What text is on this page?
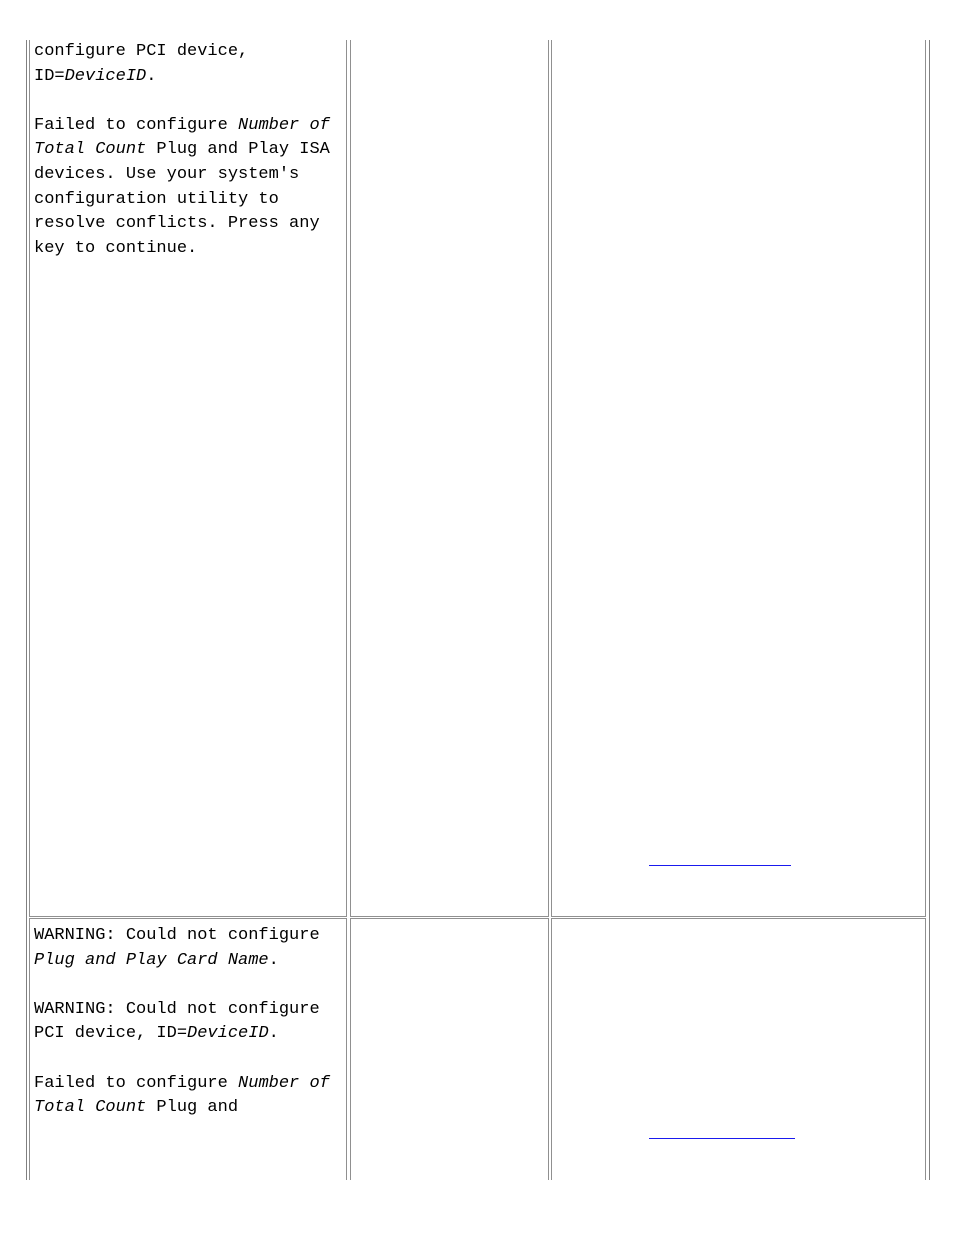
configure PCI device,
ID=DeviceID.

Failed to configure Number of Total Count Plug and Play ISA devices. Use your system's configuration utility to resolve conflicts. Press any key to continue.

WARNING: Could not configure Plug and Play Card Name.

WARNING: Could not configure PCI device, ID=DeviceID.

Failed to configure Number of Total Count Plug and
